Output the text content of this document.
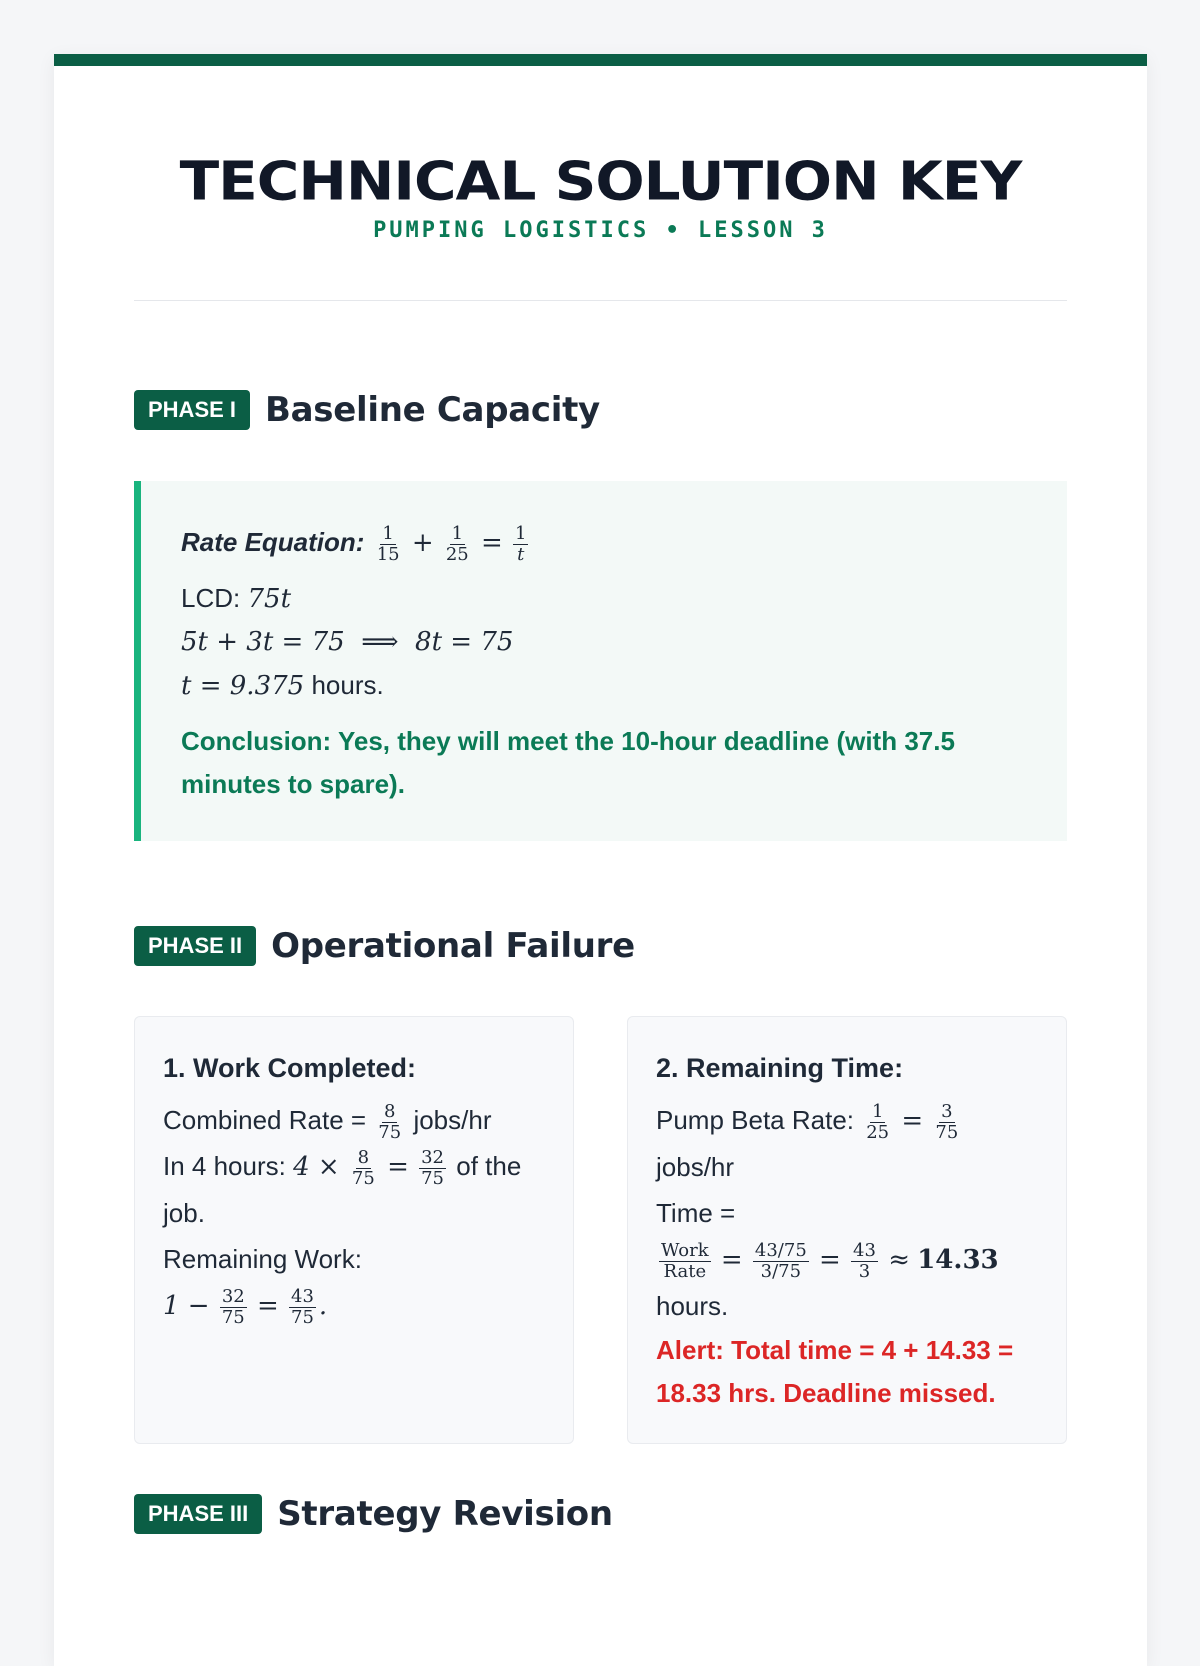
TECHNICAL SOLUTION KEY
PUMPING LOGISTICS • LESSON 3
PHASE I Baseline Capacity
Rate Equation: $\frac{1}{15} + \frac{1}{25} = \frac{1}{t}$
LCD: 75t
5t + 3t = 75  ⟹  8t = 75
t = 9.375 hours.
Conclusion: Yes, they will meet the 10-hour deadline (with 37.5 minutes to spare).
PHASE II Operational Failure
1. Work Completed:
Combined Rate = $\frac{8}{75}$ jobs/hr
In 4 hours: $4 \times \frac{8}{75} = \frac{32}{75}$ of the job.
Remaining Work:
$1 - \frac{32}{75} = \frac{43}{75}$ .
2. Remaining Time:
Pump Beta Rate: $\frac{1}{25} = \frac{3}{75}$
jobs/hr
Time =
$\frac{\text{Work}}{\text{Rate}} = \frac{43/75}{3/75} = \frac{43}{3} \approx 14.33$
hours.
Alert: Total time = 4 + 14.33 = 18.33 hrs. Deadline missed.
PHASE III Strategy Revision
